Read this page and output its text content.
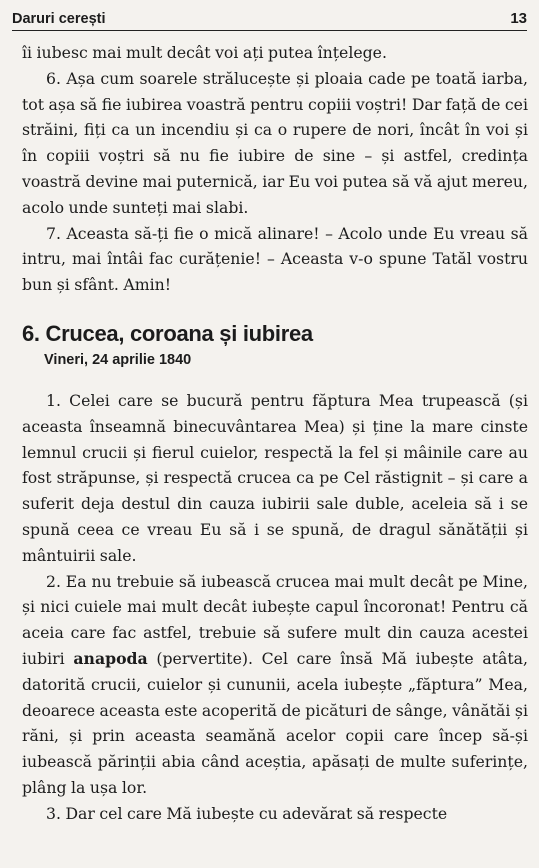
Daruri cerești	13

îi iubesc mai mult decât voi ați putea înțelege.

6. Așa cum soarele strălucește și ploaia cade pe toată iarba, tot așa să fie iubirea voastră pentru copiii voștri! Dar față de cei străini, fiți ca un incendiu și ca o rupere de nori, încât în voi și în copiii voștri să nu fie iubire de sine – și astfel, credința voastră devine mai puternică, iar Eu voi putea să vă ajut mereu, acolo unde sunteți mai slabi.

7. Aceasta să-ți fie o mică alinare! – Acolo unde Eu vreau să intru, mai întâi fac curățenie! – Aceasta v-o spune Tatăl vostru bun și sfânt. Amin!

6. Crucea, coroana și iubirea
Vineri, 24 aprilie 1840

1. Celei care se bucură pentru făptura Mea trupească (și aceasta înseamnă binecuvântarea Mea) și ține la mare cinste lemnul crucii și fierul cuielor, respectă la fel și mâinile care au fost străpunse, și respectă crucea ca pe Cel răstignit – și care a suferit deja destul din cauza iubirii sale duble, aceleia să i se spună ceea ce vreau Eu să i se spună, de dragul sănătății și mântuirii sale.

2. Ea nu trebuie să iubească crucea mai mult decât pe Mine, și nici cuiele mai mult decât iubește capul încoronat! Pentru că aceia care fac astfel, trebuie să sufere mult din cauza acestei iubiri anapoda (pervertite). Cel care însă Mă iubește atâta, datorită crucii, cuielor și cununii, acela iubește „făptura” Mea, deoarece aceasta este acoperită de picături de sânge, vânătăi și răni, și prin aceasta seamănă acelor copii care încep să-și iubească părinții abia când aceștia, apăsați de multe suferințe, plâng la ușa lor.

3. Dar cel care Mă iubește cu adevărat să respecte
